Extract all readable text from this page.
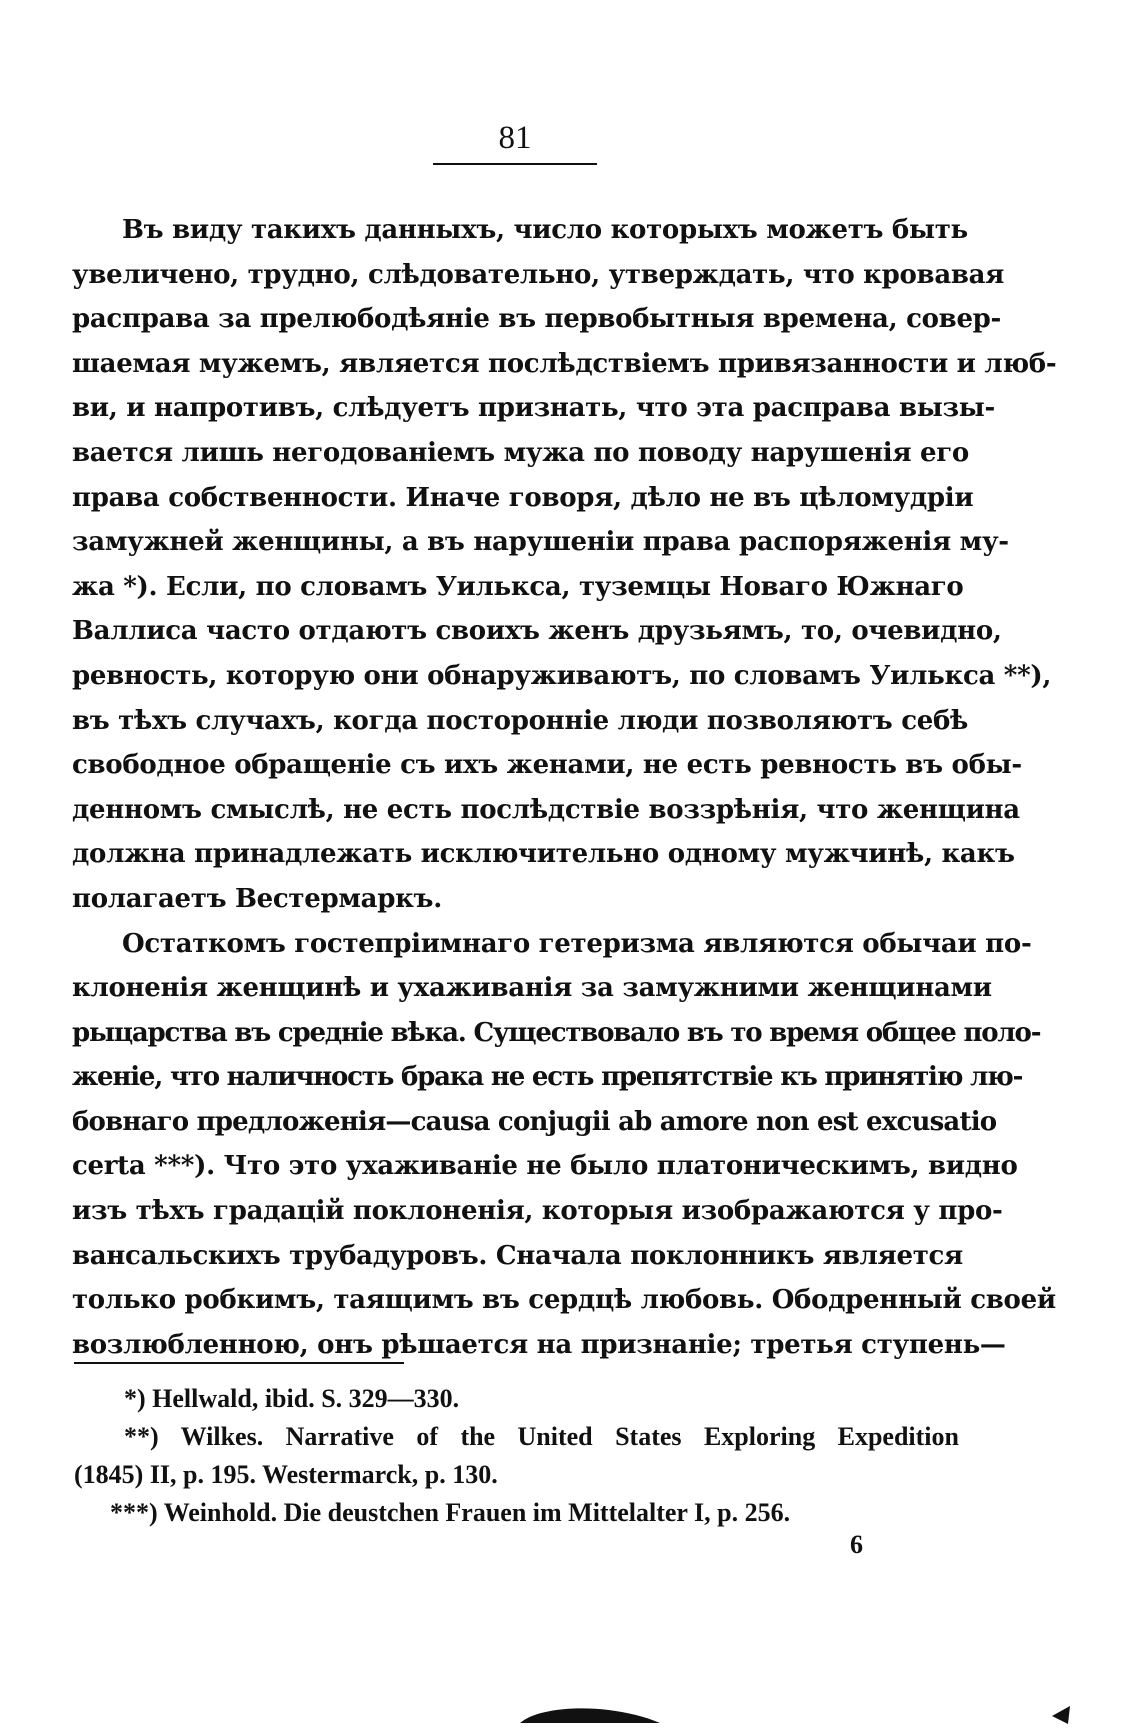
81
Въ виду такихъ данныхъ, число которыхъ можетъ быть
увеличено, трудно, слѣдовательно, утверждать, что кровавая
расправа за прелюбодѣяніе въ первобытныя времена, совер-
шаемая мужемъ, является послѣдствіемъ привязанности и люб-
ви, и напротивъ, слѣдуетъ признать, что эта расправа вызы-
вается лишь негодованіемъ мужа по поводу нарушенія его
права собственности. Иначе говоря, дѣло не въ цѣломудріи
замужней женщины, а въ нарушеніи права распоряженія му-
жа *). Если, по словамъ Уилькса, туземцы Новаго Южнаго
Валлиса часто отдаютъ своихъ женъ друзьямъ, то, очевидно,
ревность, которую они обнаруживаютъ, по словамъ Уилькса **),
въ тѣхъ случахъ, когда посторонніе люди позволяютъ себѣ
свободное обращеніе съ ихъ женами, не есть ревность въ обы-
денномъ смыслѣ, не есть послѣдствіе воззрѣнія, что женщина
должна принадлежать исключительно одному мужчинѣ, какъ
полагаетъ Вестермаркъ.
Остаткомъ гостепріимнаго гетеризма являются обычаи по-
клоненія женщинѣ и ухаживанія за замужними женщинами
рыцарства въ средніе вѣка. Существовало въ то время общее поло-
женіе, что наличность брака не есть препятствіе къ принятію лю-
бовнаго предложенія—causa conjugii ab amore non est excusatio
certa ***). Что это ухаживаніе не было платоническимъ, видно
изъ тѣхъ градацій поклоненія, которыя изображаются у про-
вансальскихъ трубадуровъ. Сначала поклонникъ является
только робкимъ, таящимъ въ сердцѣ любовь. Ободренный своей
возлюбленною, онъ рѣшается на признаніе; третья ступень—
*) Hellwald, ibid. S. 329—330.
**) Wilkes. Narrative of the United States Exploring Expedition
(1845) II, p. 195. Westermarck, p. 130.
***) Weinhold. Die deustchen Frauen im Mittelalter I, p. 256.
6
